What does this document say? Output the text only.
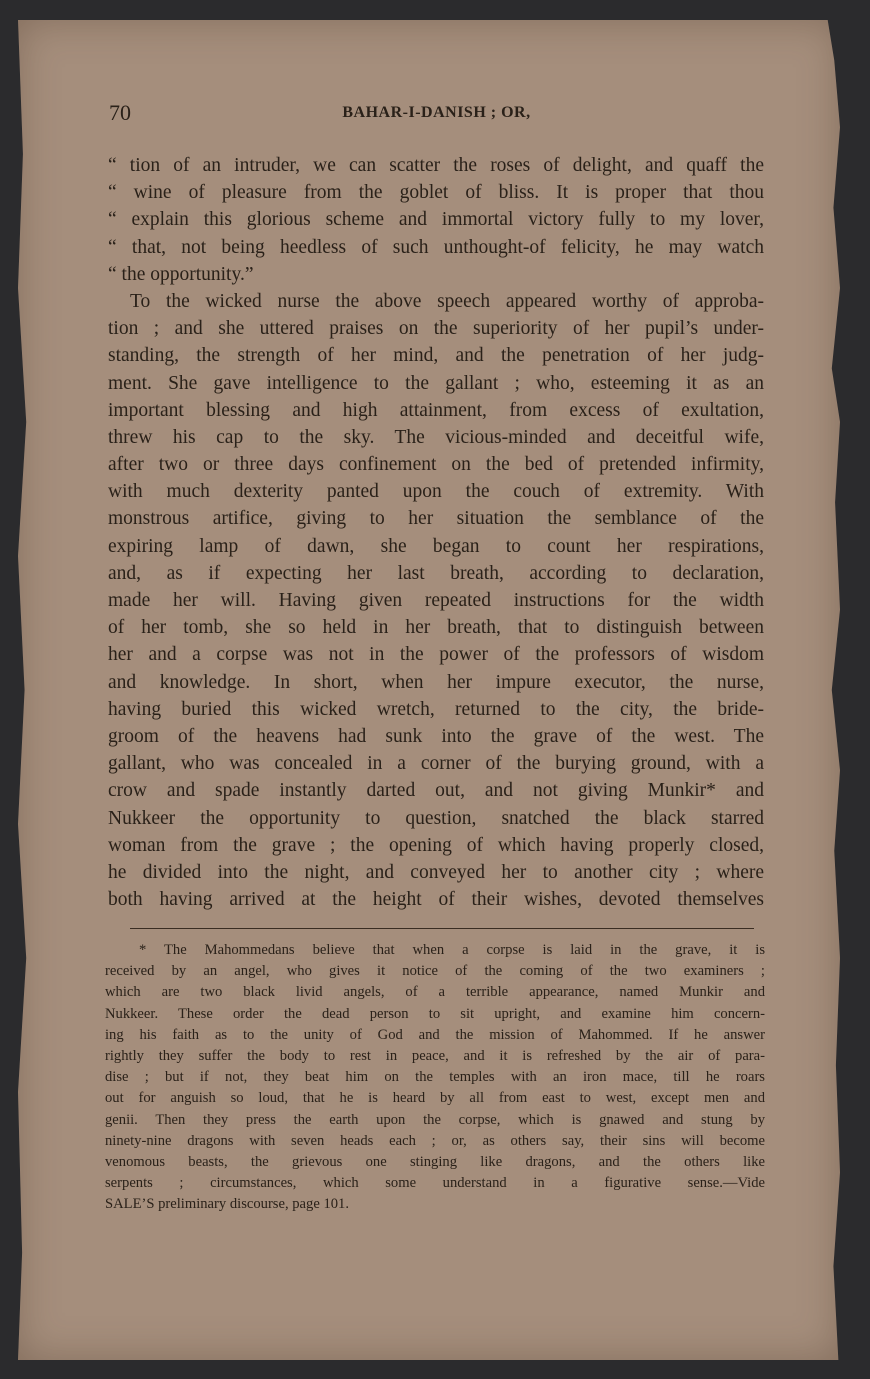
70	BAHAR-I-DANISH ; OR,
“ tion of an intruder, we can scatter the roses of delight, and quaff the
“ wine of pleasure from the goblet of bliss. It is proper that thou
“ explain this glorious scheme and immortal victory fully to my lover,
“ that, not being heedless of such unthought-of felicity, he may watch
“ the opportunity.”
To the wicked nurse the above speech appeared worthy of approba-
tion ; and she uttered praises on the superiority of her pupil’s under-
standing, the strength of her mind, and the penetration of her judg-
ment. She gave intelligence to the gallant ; who, esteeming it as an
important blessing and high attainment, from excess of exultation,
threw his cap to the sky. The vicious-minded and deceitful wife,
after two or three days confinement on the bed of pretended infirmity,
with much dexterity panted upon the couch of extremity. With
monstrous artifice, giving to her situation the semblance of the
expiring lamp of dawn, she began to count her respirations,
and, as if expecting her last breath, according to declaration,
made her will. Having given repeated instructions for the width
of her tomb, she so held in her breath, that to distinguish between
her and a corpse was not in the power of the professors of wisdom
and knowledge. In short, when her impure executor, the nurse,
having buried this wicked wretch, returned to the city, the bride-
groom of the heavens had sunk into the grave of the west. The
gallant, who was concealed in a corner of the burying ground, with a
crow and spade instantly darted out, and not giving Munkir* and
Nukkeer the opportunity to question, snatched the black starred
woman from the grave ; the opening of which having properly closed,
he divided into the night, and conveyed her to another city ; where
both having arrived at the height of their wishes, devoted themselves
* The Mahommedans believe that when a corpse is laid in the grave, it is
received by an angel, who gives it notice of the coming of the two examiners ;
which are two black livid angels, of a terrible appearance, named Munkir and
Nukkeer. These order the dead person to sit upright, and examine him concern-
ing his faith as to the unity of God and the mission of Mahommed. If he answer
rightly they suffer the body to rest in peace, and it is refreshed by the air of para-
dise ; but if not, they beat him on the temples with an iron mace, till he roars
out for anguish so loud, that he is heard by all from east to west, except men and
genii. Then they press the earth upon the corpse, which is gnawed and stung by
ninety-nine dragons with seven heads each ; or, as others say, their sins will become
venomous beasts, the grievous one stinging like dragons, and the others like
serpents ; circumstances, which some understand in a figurative sense.—Vide
SALE’S preliminary discourse, page 101.
